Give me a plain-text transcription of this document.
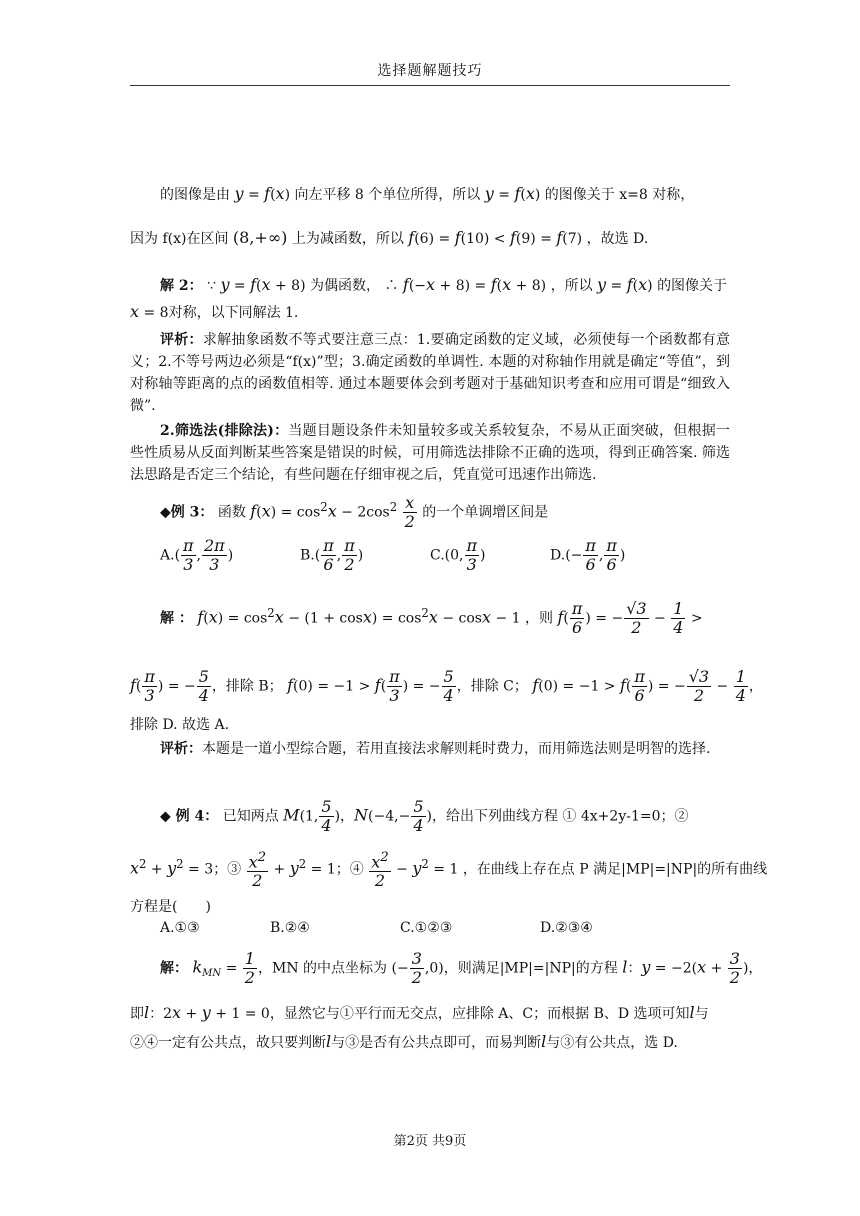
选择题解题技巧
的图像是由 y = f(x) 向左平移 8 个单位所得，所以 y = f(x) 的图像关于 x=8 对称，
因为 f(x)在区间 (8,+∞) 上为减函数，所以 f(6) = f(10) < f(9) = f(7) ，故选 D.
解 2： ∵ y = f(x + 8) 为偶函数， ∴ f(−x + 8) = f(x + 8) ，所以 y = f(x) 的图像关于
x = 8对称，以下同解法 1.
评析：求解抽象函数不等式要注意三点：1.要确定函数的定义域，必须使每一个函数都有意义；2.不等号两边必须是“f(x)”型；3.确定函数的单调性. 本题的对称轴作用就是确定“等值”，到对称轴等距离的点的函数值相等. 通过本题要体会到考题对于基础知识考查和应用可谓是“细致入微”.
2.筛选法(排除法)：当题目题设条件未知量较多或关系较复杂，不易从正面突破，但根据一些性质易从反面判断某些答案是错误的时候，可用筛选法排除不正确的选项，得到正确答案. 筛选法思路是否定三个结论，有些问题在仔细审视之后，凭直觉可迅速作出筛选.
◆例 3： 函数 $f(x) = \cos^2x - 2\cos^2 \frac{x}{2}$ 的一个单调增区间是
$A.( \frac{\pi}{3}$ , $\frac{2\pi}{3}$ )	$B.( \frac{\pi}{6}$ , $\frac{\pi}{2}$ )	C.(0, $\frac{\pi}{3}$ )	$D.(- \frac{\pi}{6}$ , $\frac{\pi}{6}$ )
解 ： $f(x) = \cos^2x - (1 + \cos x) = \cos^2x - \cos x - 1$ ，则 $f( \frac{\pi}{6}$ ) = − $\frac{√3}{2} - \frac{1}{4}$ >
$f( \frac{\pi}{3}$ ) = − $\frac{5}{4}$ ，排除 B； $f(0) = -1 > f( \frac{\pi}{3}$ ) = − $\frac{5}{4}$ ，排除 C； $f(0) = -1 > f( \frac{\pi}{6}$ ) = − $\frac{√3}{2} - \frac{1}{4}$ ，
排除 D. 故选 A.
评析：本题是一道小型综合题，若用直接法求解则耗时费力，而用筛选法则是明智的选择.
◆ 例 4： 已知两点 M(1, $\frac{5}{4}$ )，$N(-4,- \frac{5}{4}$ )，给出下列曲线方程 ① 4x+2y-1=0；②
$x^2 + y^2 = 3$；③ $\frac{x^2}{2} + y^2 = 1$；④ $\frac{x^2}{2} - y^2 = 1$ ，在曲线上存在点 P 满足|MP|=|NP|的所有曲线
方程是(　　)
A.①③	B.②④	C.①②③	D.②③④
解： $k_{MN} = \frac{1}{2}$ ，MN 的中点坐标为 (− $\frac{3}{2} ,0$)，则满足|MP|=|NP|的方程 l：$y = -2(x + \frac{3}{2}$ )，
即l：2x + y + 1 = 0，显然它与①平行而无交点，应排除 A、C；而根据 B、D 选项可知l与
②④一定有公共点，故只要判断l与③是否有公共点即可，而易判断l与③有公共点，选 D.
第2页 共9页
